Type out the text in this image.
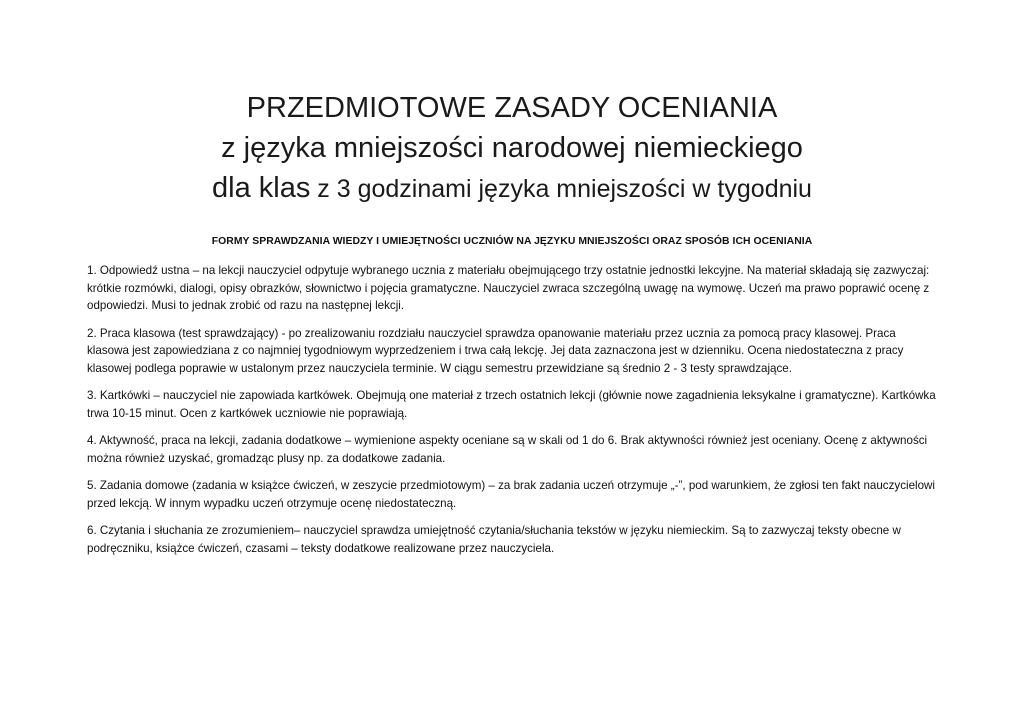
PRZEDMIOTOWE ZASADY OCENIANIA
z języka mniejszości narodowej niemieckiego
dla klas z 3 godzinami języka mniejszości w tygodniu
FORMY SPRAWDZANIA WIEDZY I UMIEJĘTNOŚCI UCZNIÓW NA JĘZYKU MNIEJSZOŚCI ORAZ SPOSÓB ICH OCENIANIA

1. Odpowiedź ustna – na lekcji nauczyciel odpytuje wybranego ucznia z materiału obejmującego trzy ostatnie jednostki lekcyjne. Na materiał składają się zazwyczaj: krótkie rozmówki, dialogi, opisy obrazków, słownictwo i pojęcia gramatyczne. Nauczyciel zwraca szczególną uwagę na wymowę. Uczeń ma prawo poprawić ocenę z odpowiedzi. Musi to jednak zrobić od razu na następnej lekcji.

2. Praca klasowa (test sprawdzający) - po zrealizowaniu rozdziału nauczyciel sprawdza opanowanie materiału przez ucznia za pomocą pracy klasowej. Praca klasowa jest zapowiedziana z co najmniej tygodniowym wyprzedzeniem i trwa całą lekcję. Jej data zaznaczona jest w dzienniku. Ocena niedostateczna z pracy klasowej podlega poprawie w ustalonym przez nauczyciela terminie. W ciągu semestru przewidziane są średnio 2 - 3 testy sprawdzające.

3. Kartkówki – nauczyciel nie zapowiada kartkówek. Obejmują one materiał z trzech ostatnich lekcji (głównie nowe zagadnienia leksykalne i gramatyczne). Kartkówka trwa 10-15 minut. Ocen z kartkówek uczniowie nie poprawiają.

4. Aktywność, praca na lekcji, zadania dodatkowe – wymienione aspekty oceniane są w skali od 1 do 6. Brak aktywności również jest oceniany. Ocenę z aktywności można również uzyskać, gromadząc plusy np. za dodatkowe zadania.

5. Zadania domowe (zadania w książce ćwiczeń, w zeszycie przedmiotowym) – za brak zadania uczeń otrzymuje „-”, pod warunkiem, że zgłosi ten fakt nauczycielowi przed lekcją. W innym wypadku uczeń otrzymuje ocenę niedostateczną.

6. Czytania i słuchania ze zrozumieniem– nauczyciel sprawdza umiejętność czytania/słuchania tekstów w języku niemieckim. Są to zazwyczaj teksty obecne w podręczniku, książce ćwiczeń, czasami – teksty dodatkowe realizowane przez nauczyciela.
